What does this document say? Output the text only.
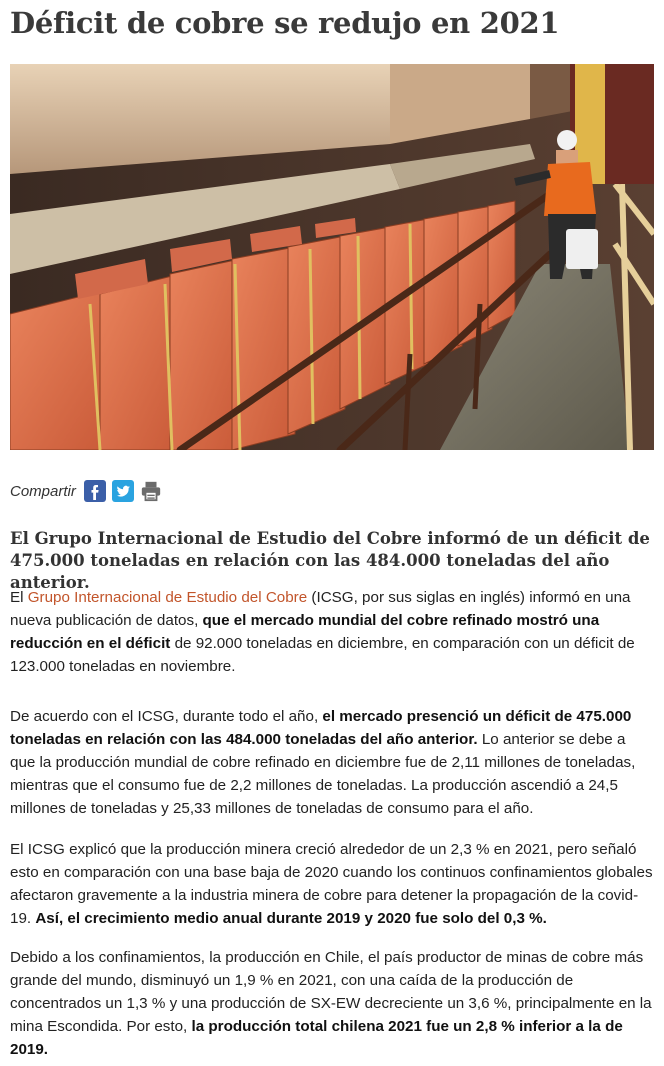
Déficit de cobre se redujo en 2021
Compartir

El Grupo Internacional de Estudio del Cobre informó de un déficit de 475.000 toneladas en relación con las 484.000 toneladas del año anterior.

El Grupo Internacional de Estudio del Cobre (ICSG, por sus siglas en inglés) informó en una nueva publicación de datos, que el mercado mundial del cobre refinado mostró una reducción en el déficit de 92.000 toneladas en diciembre, en comparación con un déficit de 123.000 toneladas en noviembre.

De acuerdo con el ICSG, durante todo el año, el mercado presenció un déficit de 475.000 toneladas en relación con las 484.000 toneladas del año anterior. Lo anterior se debe a que la producción mundial de cobre refinado en diciembre fue de 2,11 millones de toneladas, mientras que el consumo fue de 2,2 millones de toneladas. La producción ascendió a 24,5 millones de toneladas y 25,33 millones de toneladas de consumo para el año.

El ICSG explicó que la producción minera creció alrededor de un 2,3 % en 2021, pero señaló esto en comparación con una base baja de 2020 cuando los continuos confinamientos globales afectaron gravemente a la industria minera de cobre para detener la propagación de la covid-19. Así, el crecimiento medio anual durante 2019 y 2020 fue solo del 0,3 %.

Debido a los confinamientos, la producción en Chile, el país productor de minas de cobre más grande del mundo, disminuyó un 1,9 % en 2021, con una caída de la producción de concentrados un 1,3 % y una producción de SX-EW decreciente un 3,6 %, principalmente en la mina Escondida. Por esto, la producción total chilena 2021 fue un 2,8 % inferior a la de 2019.
